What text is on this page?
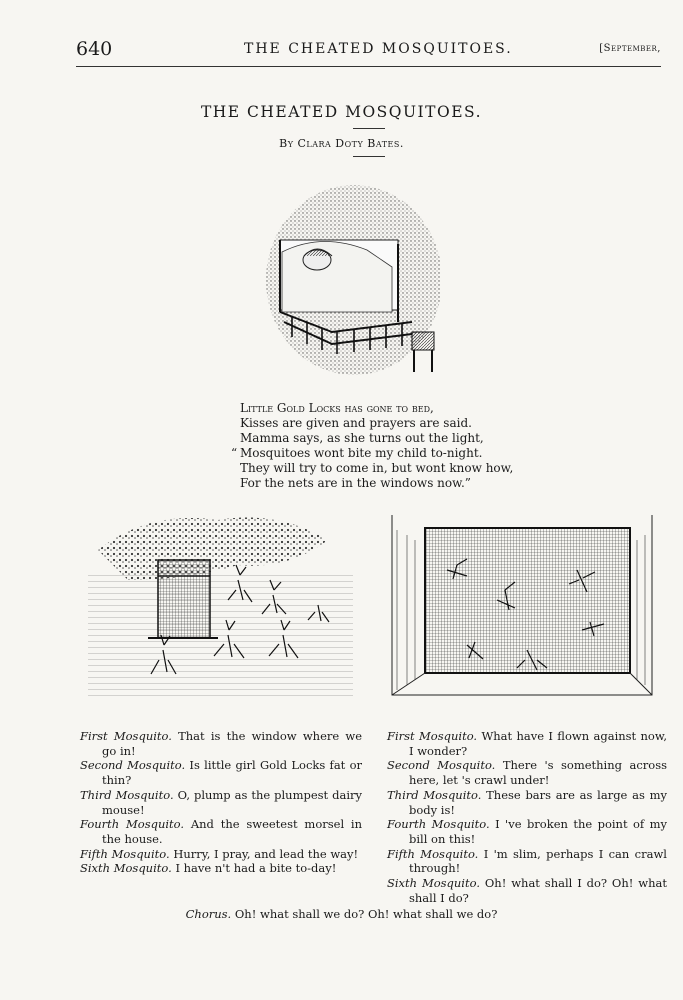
640	THE CHEATED MOSQUITOES.	[September,
THE CHEATED MOSQUITOES.
By Clara Doty Bates.
Little Gold Locks has gone to bed,
Kisses are given and prayers are said.
Mamma says, as she turns out the light,
“ Mosquitoes wont bite my child to-night.
They will try to come in, but wont know how,
For the nets are in the windows now.”
First Mosquito. That is the window where we go in!
Second Mosquito. Is little girl Gold Locks fat or thin?
Third Mosquito. O, plump as the plumpest dairy mouse!
Fourth Mosquito. And the sweetest morsel in the house.
Fifth Mosquito. Hurry, I pray, and lead the way!
Sixth Mosquito. I have n't had a bite to-day!
First Mosquito. What have I flown against now, I wonder?
Second Mosquito. There 's something across here, let 's crawl under!
Third Mosquito. These bars are as large as my body is!
Fourth Mosquito. I 've broken the point of my bill on this!
Fifth Mosquito. I 'm slim, perhaps I can crawl through!
Sixth Mosquito. Oh! what shall I do? Oh! what shall I do?
Chorus. Oh! what shall we do? Oh! what shall we do?
